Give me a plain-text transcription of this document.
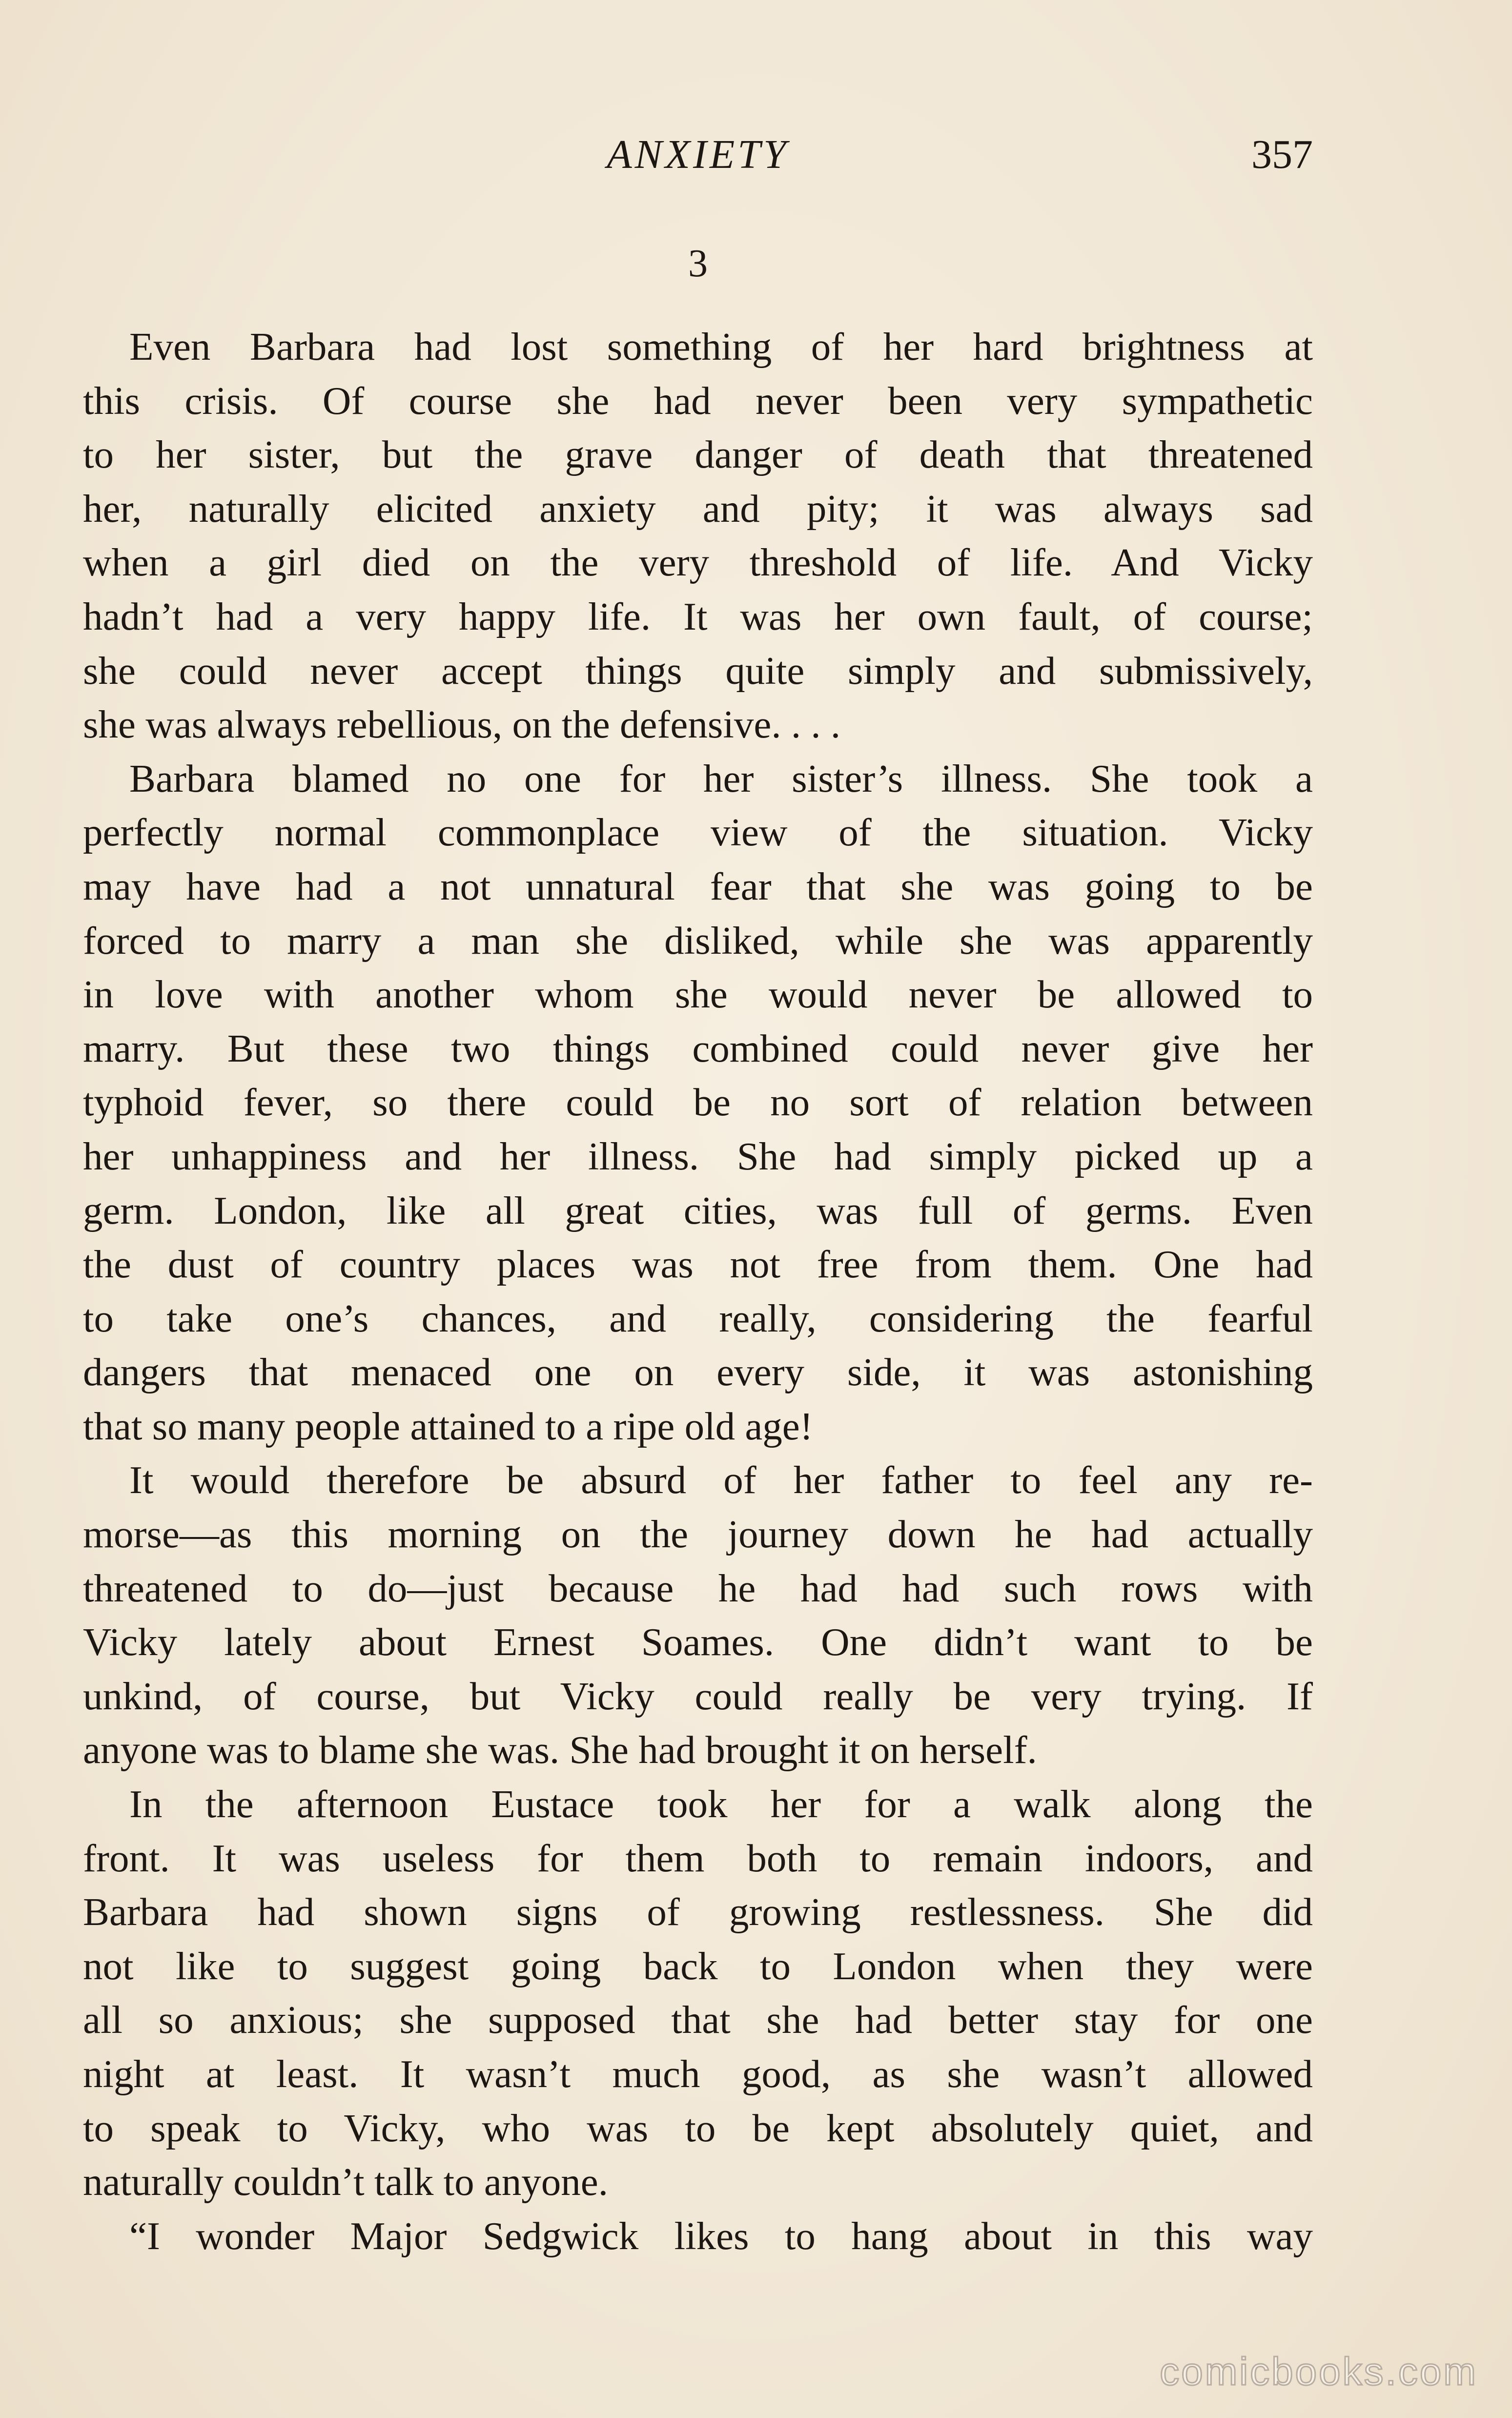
ANXIETY	357
3
Even Barbara had lost something of her hard brightness at
this crisis. Of course she had never been very sympathetic
to her sister, but the grave danger of death that threatened
her, naturally elicited anxiety and pity; it was always sad
when a girl died on the very threshold of life. And Vicky
hadn’t had a very happy life. It was her own fault, of course;
she could never accept things quite simply and submissively,
she was always rebellious, on the defensive. . . .
Barbara blamed no one for her sister’s illness. She took a
perfectly normal commonplace view of the situation. Vicky
may have had a not unnatural fear that she was going to be
forced to marry a man she disliked, while she was apparently
in love with another whom she would never be allowed to
marry. But these two things combined could never give her
typhoid fever, so there could be no sort of relation between
her unhappiness and her illness. She had simply picked up a
germ. London, like all great cities, was full of germs. Even
the dust of country places was not free from them. One had
to take one’s chances, and really, considering the fearful
dangers that menaced one on every side, it was astonishing
that so many people attained to a ripe old age!
It would therefore be absurd of her father to feel any re-
morse—as this morning on the journey down he had actually
threatened to do—just because he had had such rows with
Vicky lately about Ernest Soames. One didn’t want to be
unkind, of course, but Vicky could really be very trying. If
anyone was to blame she was. She had brought it on herself.
In the afternoon Eustace took her for a walk along the
front. It was useless for them both to remain indoors, and
Barbara had shown signs of growing restlessness. She did
not like to suggest going back to London when they were
all so anxious; she supposed that she had better stay for one
night at least. It wasn’t much good, as she wasn’t allowed
to speak to Vicky, who was to be kept absolutely quiet, and
naturally couldn’t talk to anyone.
“I wonder Major Sedgwick likes to hang about in this way
comicbooks.com
